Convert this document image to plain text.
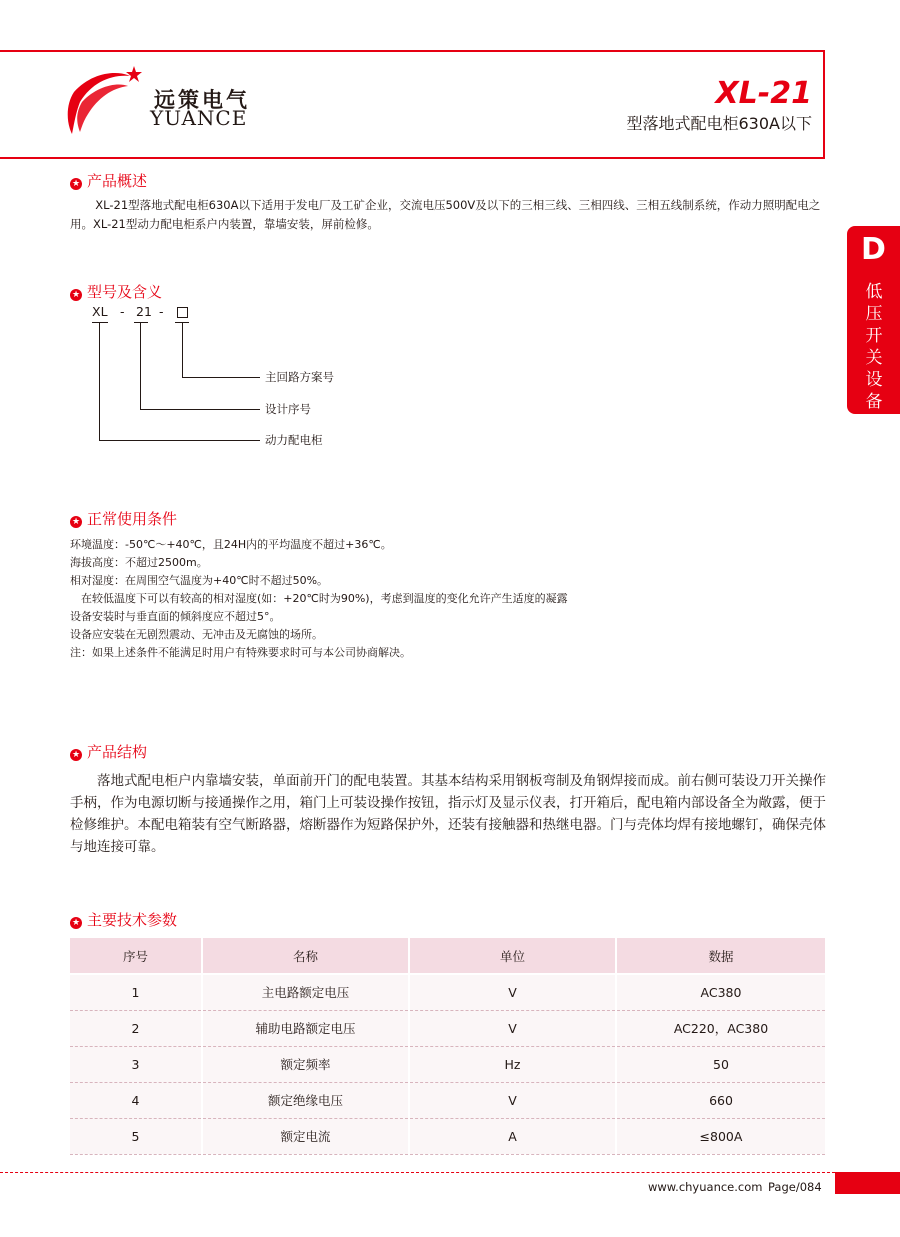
远策电气
YUANCE
XL-21
型落地式配电柜630A以下
D
低压开关设备
★ 产品概述
XL-21型落地式配电柜630A以下适用于发电厂及工矿企业，交流电压500V及以下的三相三线、三相四线、三相五线制系统，作动力照明配电之用。XL-21型动力配电柜系户内装置，靠墙安装，屏前检修。
★ 型号及含义
XL - 21 -
主回路方案号
设计序号
动力配电柜
★ 正常使用条件
环境温度：-50℃～+40℃，且24H内的平均温度不超过+36℃。
海拔高度：不超过2500m。
相对湿度：在周围空气温度为+40℃时不超过50%。
　在较低温度下可以有较高的相对湿度(如：+20℃时为90%)，考虑到温度的变化允许产生适度的凝露
设备安装时与垂直面的倾斜度应不超过5°。
设备应安装在无剧烈震动、无冲击及无腐蚀的场所。
注：如果上述条件不能满足时用户有特殊要求时可与本公司协商解决。
★ 产品结构
落地式配电柜户内靠墙安装，单面前开门的配电装置。其基本结构采用钢板弯制及角钢焊接而成。前右侧可装设刀开关操作手柄，作为电源切断与接通操作之用，箱门上可装设操作按钮，指示灯及显示仪表，打开箱后，配电箱内部设备全为敞露，便于检修维护。本配电箱装有空气断路器，熔断器作为短路保护外，还装有接触器和热继电器。门与壳体均焊有接地螺钉，确保壳体与地连接可靠。
★ 主要技术参数
序号	名称	单位	数据
1	主电路额定电压	V	AC380
2	辅助电路额定电压	V	AC220，AC380
3	额定频率	Hz	50
4	额定绝缘电压	V	660
5	额定电流	A	≤800A
www.chyuance.com Page/084
